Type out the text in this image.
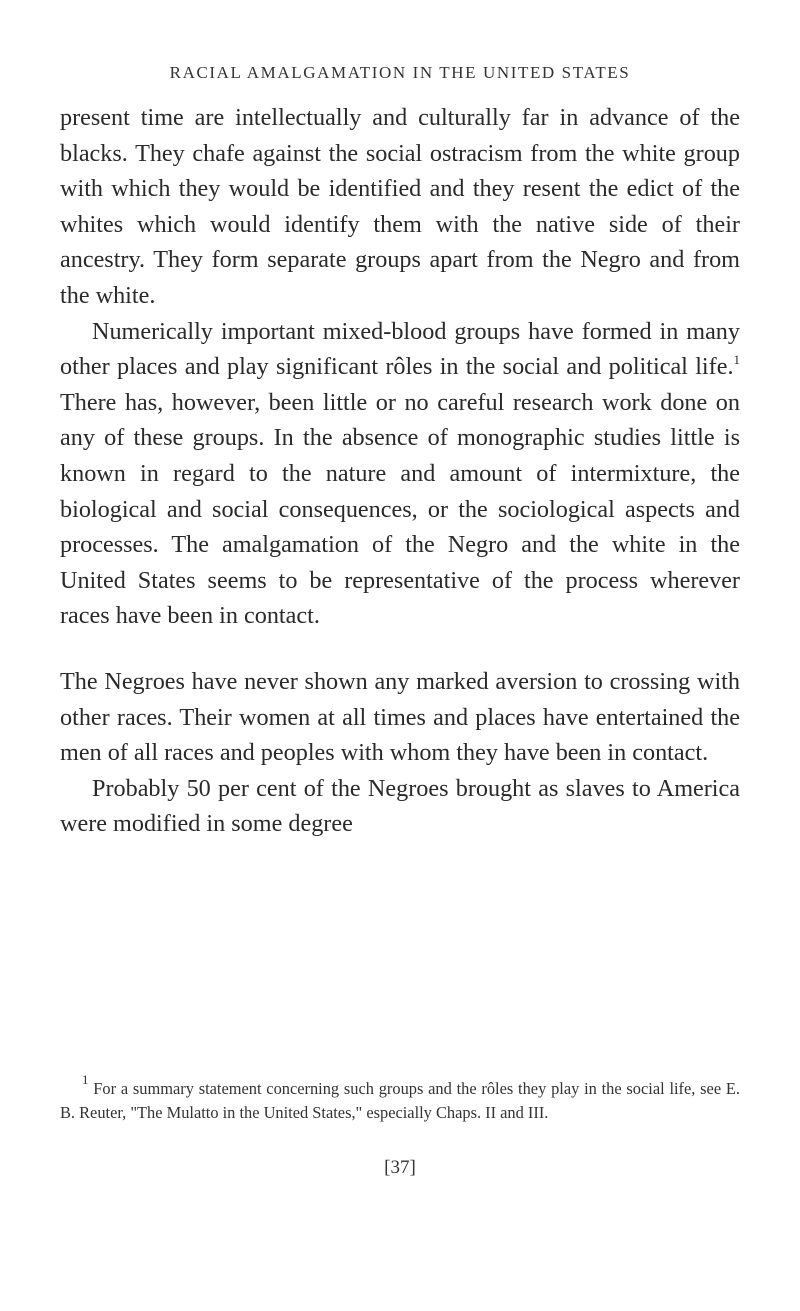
RACIAL AMALGAMATION IN THE UNITED STATES

present time are intellectually and culturally far in advance of the blacks. They chafe against the social ostracism from the white group with which they would be identified and they resent the edict of the whites which would identify them with the native side of their ancestry. They form separate groups apart from the Negro and from the white.

Numerically important mixed-blood groups have formed in many other places and play significant rôles in the social and political life.$^1$ There has, however, been little or no careful research work done on any of these groups. In the absence of monographic studies little is known in regard to the nature and amount of intermixture, the biological and social consequences, or the sociological aspects and processes. The amalgamation of the Negro and the white in the United States seems to be representative of the process wherever races have been in contact.

The Negroes have never shown any marked aversion to crossing with other races. Their women at all times and places have entertained the men of all races and peoples with whom they have been in contact.

Probably 50 per cent of the Negroes brought as slaves to America were modified in some degree

$^1$ For a summary statement concerning such groups and the rôles they play in the social life, see E. B. Reuter, "The Mulatto in the United States," especially Chaps. II and III.
[37]
